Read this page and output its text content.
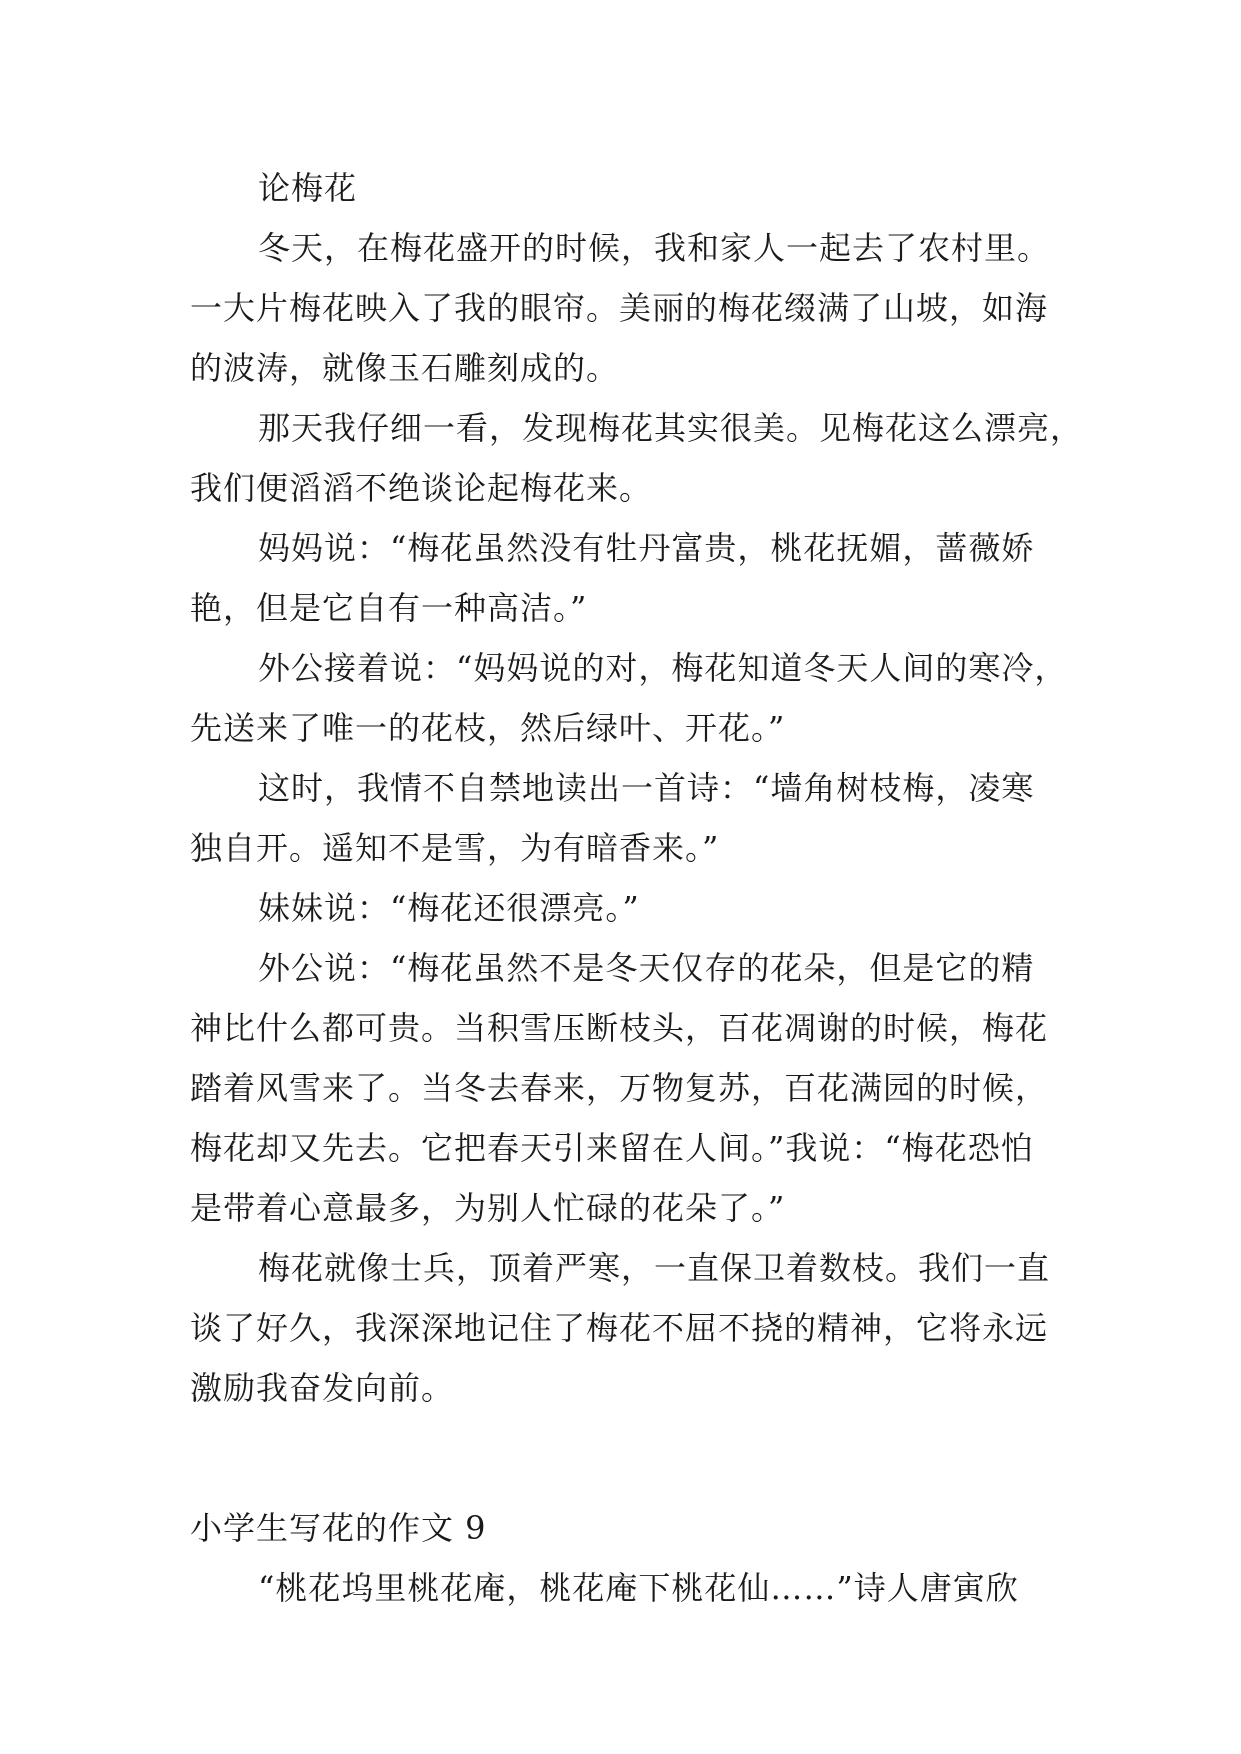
论梅花
冬天，在梅花盛开的时候，我和家人一起去了农村里。
一大片梅花映入了我的眼帘。美丽的梅花缀满了山坡，如海
的波涛，就像玉石雕刻成的。
那天我仔细一看，发现梅花其实很美。见梅花这么漂亮，
我们便滔滔不绝谈论起梅花来。
妈妈说：“梅花虽然没有牡丹富贵，桃花抚媚，蔷薇娇
艳，但是它自有一种高洁。”
外公接着说：“妈妈说的对，梅花知道冬天人间的寒冷，
先送来了唯一的花枝，然后绿叶、开花。”
这时，我情不自禁地读出一首诗：“墙角树枝梅，凌寒
独自开。遥知不是雪，为有暗香来。”
妹妹说：“梅花还很漂亮。”
外公说：“梅花虽然不是冬天仅存的花朵，但是它的精
神比什么都可贵。当积雪压断枝头，百花凋谢的时候，梅花
踏着风雪来了。当冬去春来，万物复苏，百花满园的时候，
梅花却又先去。它把春天引来留在人间。”我说：“梅花恐怕
是带着心意最多，为别人忙碌的花朵了。”
梅花就像士兵，顶着严寒，一直保卫着数枝。我们一直
谈了好久，我深深地记住了梅花不屈不挠的精神，它将永远
激励我奋发向前。
小学生写花的作文 9
“桃花坞里桃花庵，桃花庵下桃花仙……”诗人唐寅欣
